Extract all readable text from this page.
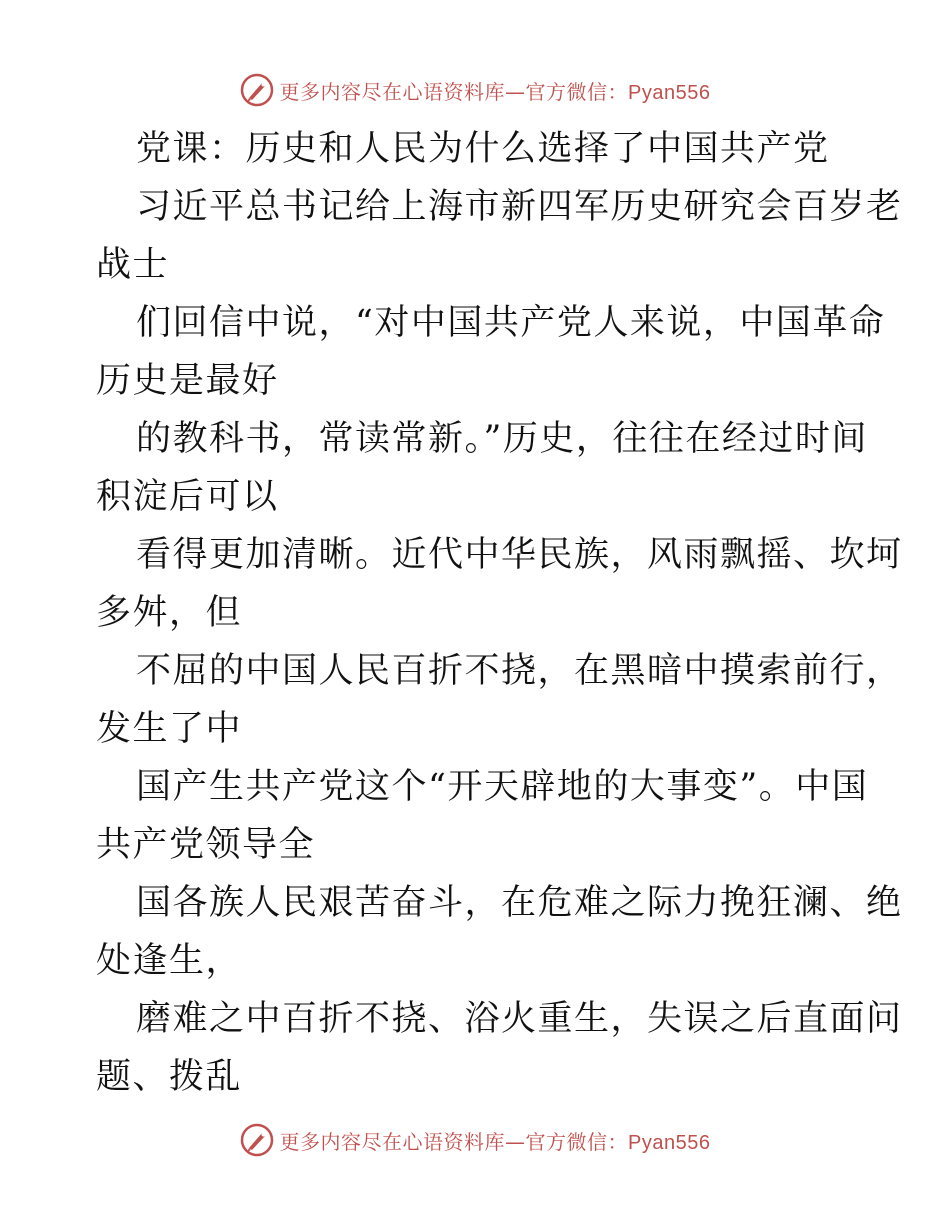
更多内容尽在心语资料库—官方微信：Pyan556
党课：历史和人民为什么选择了中国共产党
习近平总书记给上海市新四军历史研究会百岁老
战士
们回信中说，“对中国共产党人来说，中国革命
历史是最好
的教科书，常读常新。”历史，往往在经过时间
积淀后可以
看得更加清晰。近代中华民族，风雨飘摇、坎坷
多舛，但
不屈的中国人民百折不挠，在黑暗中摸索前行，
发生了中
国产生共产党这个“开天辟地的大事变”。中国
共产党领导全
国各族人民艰苦奋斗，在危难之际力挽狂澜、绝
处逢生，
磨难之中百折不挠、浴火重生，失误之后直面问
题、拨乱
更多内容尽在心语资料库—官方微信：Pyan556
